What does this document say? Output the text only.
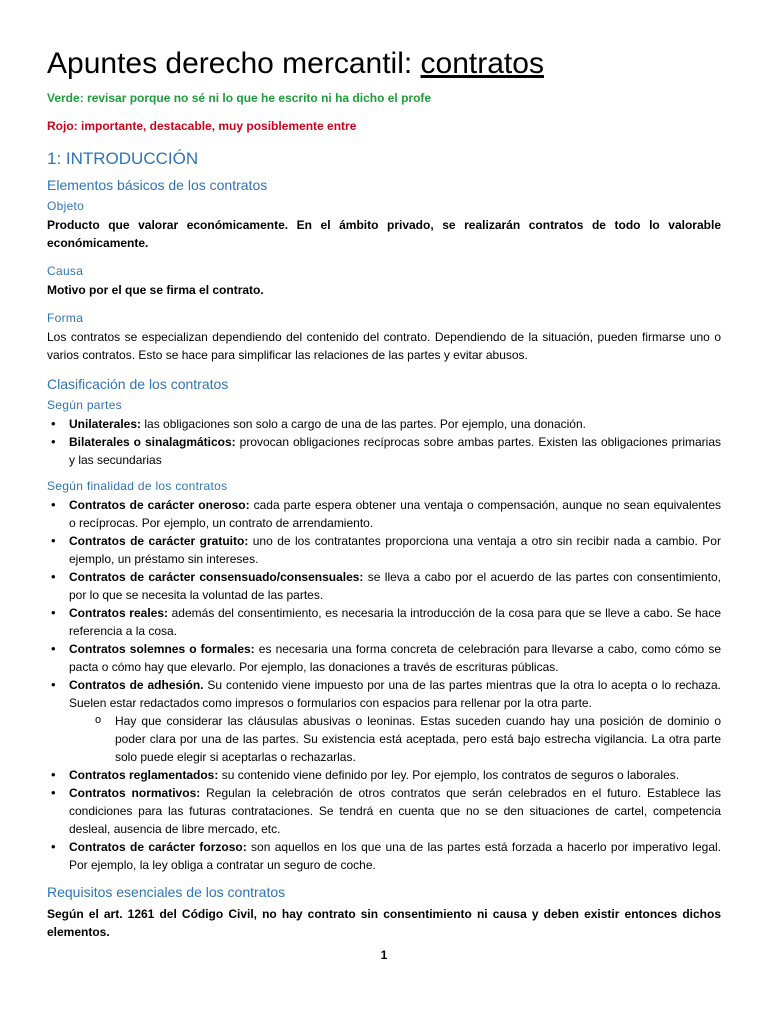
Apuntes derecho mercantil: contratos

Verde: revisar porque no sé ni lo que he escrito ni ha dicho el profe

Rojo: importante, destacable, muy posiblemente entre

1: INTRODUCCIÓN
Elementos básicos de los contratos
Objeto

Producto que valorar económicamente. En el ámbito privado, se realizarán contratos de todo lo valorable económicamente.

Causa

Motivo por el que se firma el contrato.

Forma

Los contratos se especializan dependiendo del contenido del contrato. Dependiendo de la situación, pueden firmarse uno o varios contratos. Esto se hace para simplificar las relaciones de las partes y evitar abusos.

Clasificación de los contratos
Según partes
• Unilaterales: las obligaciones son solo a cargo de una de las partes. Por ejemplo, una donación.
• Bilaterales o sinalagmáticos: provocan obligaciones recíprocas sobre ambas partes. Existen las obligaciones primarias y las secundarias
Según finalidad de los contratos
• Contratos de carácter oneroso: cada parte espera obtener una ventaja o compensación, aunque no sean equivalentes o recíprocas. Por ejemplo, un contrato de arrendamiento.
• Contratos de carácter gratuito: uno de los contratantes proporciona una ventaja a otro sin recibir nada a cambio. Por ejemplo, un préstamo sin intereses.
• Contratos de carácter consensuado/consensuales: se lleva a cabo por el acuerdo de las partes con consentimiento, por lo que se necesita la voluntad de las partes.
• Contratos reales: además del consentimiento, es necesaria la introducción de la cosa para que se lleve a cabo. Se hace referencia a la cosa.
• Contratos solemnes o formales: es necesaria una forma concreta de celebración para llevarse a cabo, como cómo se pacta o cómo hay que elevarlo. Por ejemplo, las donaciones a través de escrituras públicas.
• Contratos de adhesión. Su contenido viene impuesto por una de las partes mientras que la otra lo acepta o lo rechaza. Suelen estar redactados como impresos o formularios con espacios para rellenar por la otra parte.
o Hay que considerar las cláusulas abusivas o leoninas. Estas suceden cuando hay una posición de dominio o poder clara por una de las partes. Su existencia está aceptada, pero está bajo estrecha vigilancia. La otra parte solo puede elegir si aceptarlas o rechazarlas.
• Contratos reglamentados: su contenido viene definido por ley. Por ejemplo, los contratos de seguros o laborales.
• Contratos normativos: Regulan la celebración de otros contratos que serán celebrados en el futuro. Establece las condiciones para las futuras contrataciones. Se tendrá en cuenta que no se den situaciones de cartel, competencia desleal, ausencia de libre mercado, etc.
• Contratos de carácter forzoso: son aquellos en los que una de las partes está forzada a hacerlo por imperativo legal. Por ejemplo, la ley obliga a contratar un seguro de coche.
Requisitos esenciales de los contratos

Según el art. 1261 del Código Civil, no hay contrato sin consentimiento ni causa y deben existir entonces dichos elementos.

1
